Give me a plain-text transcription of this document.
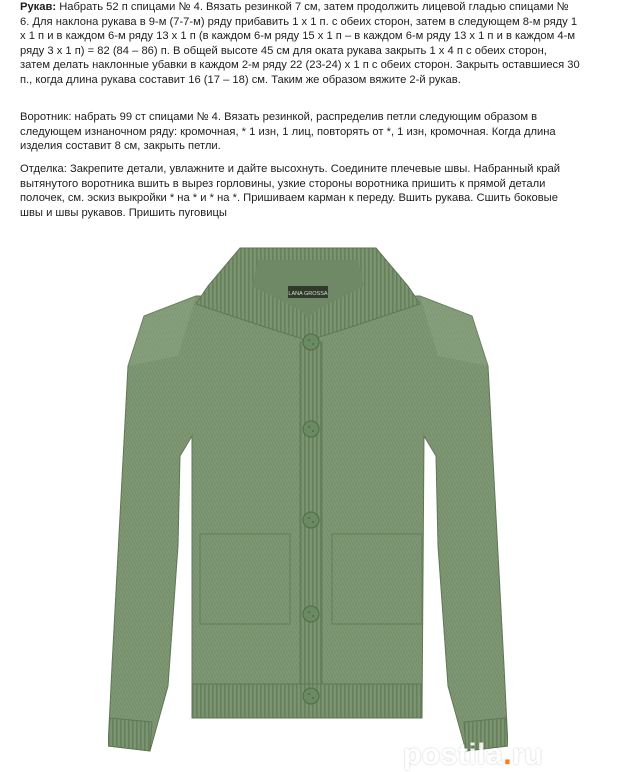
Рукав: Набрать 52 п спицами № 4. Вязать резинкой 7 см, затем продолжить лицевой гладью спицами № 6. Для наклона рукава в 9-м (7-7-м) ряду прибавить 1 х 1 п. с обеих сторон, затем в следующем 8-м ряду 1 х 1 п и в каждом 6-м ряду 13 х 1 п (в каждом 6-м ряду 15 х 1 п – в каждом 6-м ряду 13 х 1 п и в каждом 4-м ряду 3 х 1 п) = 82 (84 – 86) п. В общей высоте 45 см для оката рукава закрыть 1 х 4 п с обеих сторон, затем делать наклонные убавки в каждом 2-м ряду 22 (23-24) х 1 п с обеих сторон. Закрыть оставшиеся 30 п., когда длина рукава составит 16 (17 – 18) см. Таким же образом вяжите 2-й рукав.

Воротник: набрать 99 ст спицами № 4. Вязать резинкой, распределив петли следующим образом в следующем изнаночном ряду: кромочная, * 1 изн, 1 лиц, повторять от *, 1 изн, кромочная. Когда длина изделия составит 8 см, закрыть петли.

Отделка: Закрепите детали, увлажните и дайте высохнуть. Соедините плечевые швы. Набранный край вытянутого воротника вшить в вырез горловины, узкие стороны воротника пришить к прямой детали полочек, см. эскиз выкройки * на * и * на *. Пришиваем карман к переду. Вшить рукава. Сшить боковые швы и швы рукавов. Пришить пуговицы

LANA GROSSA
postila.ru
